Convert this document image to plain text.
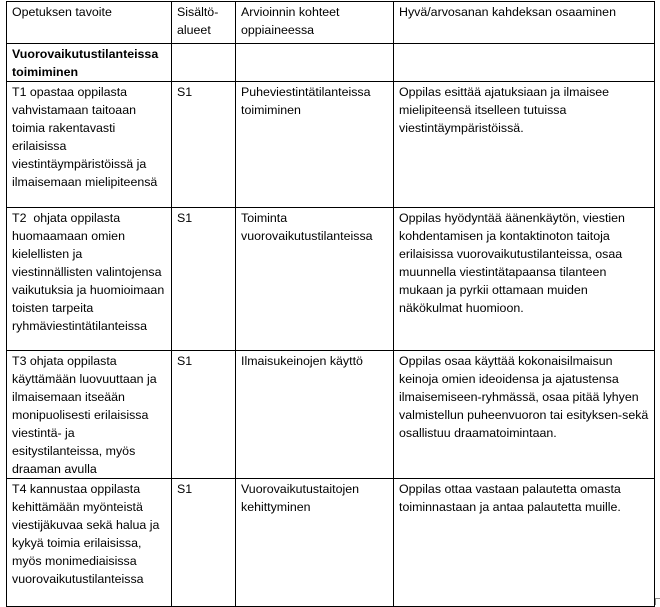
Opetuksen tavoite	Sisältö-alueet	Arvioinnin kohteet oppiaineessa	Hyvä/arvosanan kahdeksan osaaminen
Vuorovaikutustilanteissa toimiminen			
T1 opastaa oppilasta vahvistamaan taitoaan toimia rakentavasti erilaisissa viestintäympäristöissä ja ilmaisemaan mielipiteensä	S1	Puheviestintätilanteissa toimiminen	Oppilas esittää ajatuksiaan ja ilmaisee mielipiteensä itselleen tutuissa viestintäympäristöissä.
T2  ohjata oppilasta huomaamaan omien kielellisten ja viestinnällisten valintojensa vaikutuksia ja huomioimaan toisten tarpeita ryhmäviestintätilanteissa	S1	Toiminta vuorovaikutustilanteissa	Oppilas hyödyntää äänenkäytön, viestien kohdentamisen ja kontaktinoton taitoja erilaisissa vuorovaikutustilanteissa, osaa muunnella viestintätapaansa tilanteen mukaan ja pyrkii ottamaan muiden näkökulmat huomioon.
T3 ohjata oppilasta käyttämään luovuuttaan ja ilmaisemaan itseään monipuolisesti erilaisissa viestintä- ja esitystilanteissa, myös draaman avulla	S1	Ilmaisukeinojen käyttö	Oppilas osaa käyttää kokonaisilmaisun keinoja omien ideoidensa ja ajatustensa ilmaisemiseen-ryhmässä, osaa pitää lyhyen valmistellun puheenvuoron tai esityksen-sekä osallistuu draamatoimintaan.
T4 kannustaa oppilasta kehittämään myönteistä viestijäkuvaa sekä halua ja kykyä toimia erilaisissa, myös monimediaisissa vuorovaikutustilanteissa	S1	Vuorovaikutustaitojen kehittyminen	Oppilas ottaa vastaan palautetta omasta toiminnastaan ja antaa palautetta muille.
